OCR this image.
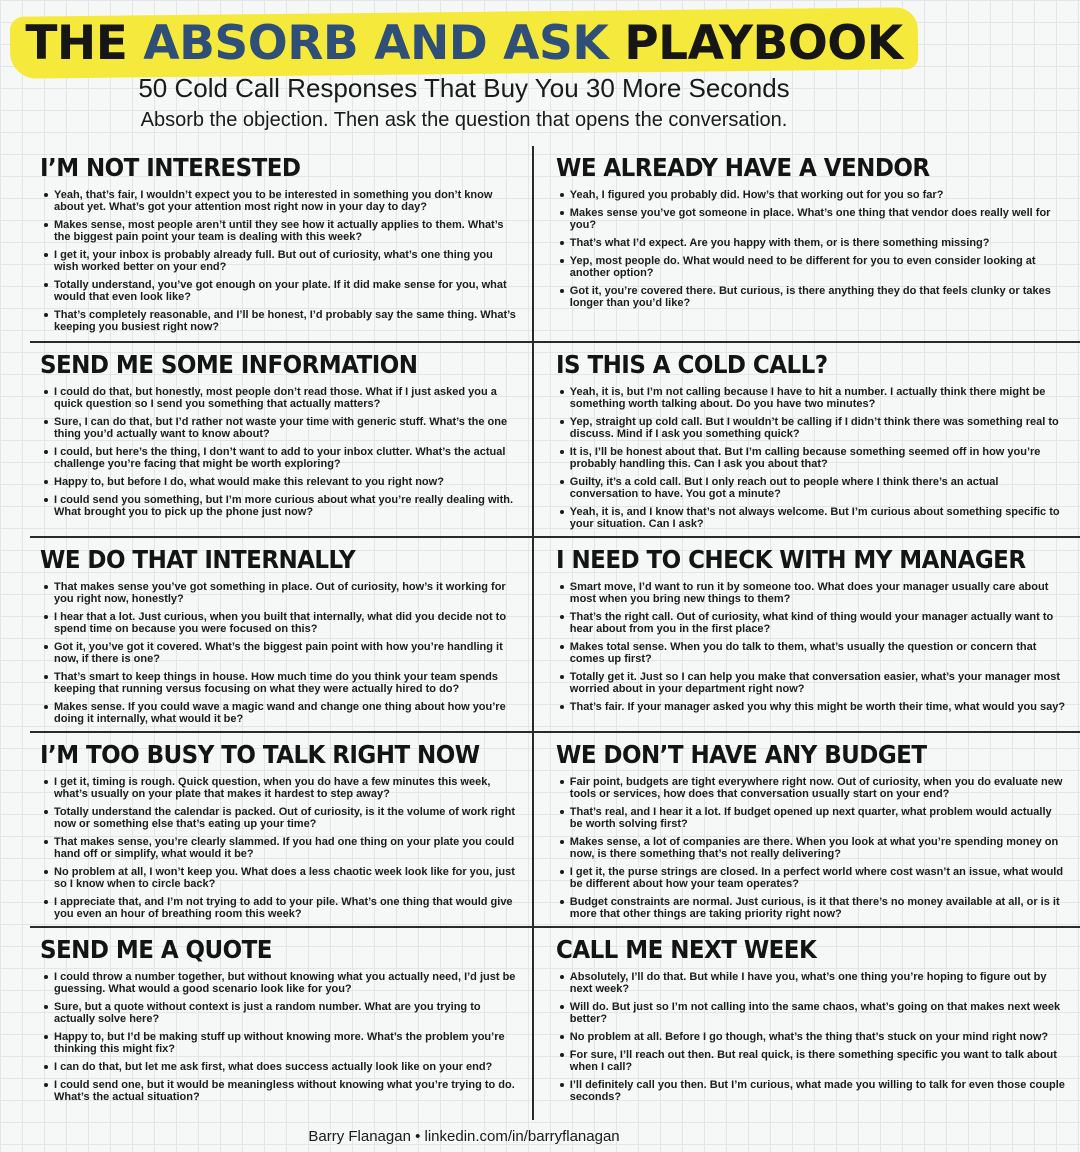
THE ABSORB AND ASK PLAYBOOK
50 Cold Call Responses That Buy You 30 More Seconds
Absorb the objection. Then ask the question that opens the conversation.
I’M NOT INTERESTED
Yeah, that’s fair, I wouldn’t expect you to be interested in something you don’t know about yet. What’s got your attention most right now in your day to day?
Makes sense, most people aren’t until they see how it actually applies to them. What’s the biggest pain point your team is dealing with this week?
I get it, your inbox is probably already full. But out of curiosity, what’s one thing you wish worked better on your end?
Totally understand, you’ve got enough on your plate. If it did make sense for you, what would that even look like?
That’s completely reasonable, and I’ll be honest, I’d probably say the same thing. What’s keeping you busiest right now?
WE ALREADY HAVE A VENDOR
Yeah, I figured you probably did. How’s that working out for you so far?
Makes sense you’ve got someone in place. What’s one thing that vendor does really well for you?
That’s what I’d expect. Are you happy with them, or is there something missing?
Yep, most people do. What would need to be different for you to even consider looking at another option?
Got it, you’re covered there. But curious, is there anything they do that feels clunky or takes longer than you’d like?
SEND ME SOME INFORMATION
I could do that, but honestly, most people don’t read those. What if I just asked you a quick question so I send you something that actually matters?
Sure, I can do that, but I’d rather not waste your time with generic stuff. What’s the one thing you’d actually want to know about?
I could, but here’s the thing, I don’t want to add to your inbox clutter. What’s the actual challenge you’re facing that might be worth exploring?
Happy to, but before I do, what would make this relevant to you right now?
I could send you something, but I’m more curious about what you’re really dealing with. What brought you to pick up the phone just now?
IS THIS A COLD CALL?
Yeah, it is, but I’m not calling because I have to hit a number. I actually think there might be something worth talking about. Do you have two minutes?
Yep, straight up cold call. But I wouldn’t be calling if I didn’t think there was something real to discuss. Mind if I ask you something quick?
It is, I’ll be honest about that. But I’m calling because something seemed off in how you’re probably handling this. Can I ask you about that?
Guilty, it’s a cold call. But I only reach out to people where I think there’s an actual conversation to have. You got a minute?
Yeah, it is, and I know that’s not always welcome. But I’m curious about something specific to your situation. Can I ask?
WE DO THAT INTERNALLY
That makes sense you’ve got something in place. Out of curiosity, how’s it working for you right now, honestly?
I hear that a lot. Just curious, when you built that internally, what did you decide not to spend time on because you were focused on this?
Got it, you’ve got it covered. What’s the biggest pain point with how you’re handling it now, if there is one?
That’s smart to keep things in house. How much time do you think your team spends keeping that running versus focusing on what they were actually hired to do?
Makes sense. If you could wave a magic wand and change one thing about how you’re doing it internally, what would it be?
I NEED TO CHECK WITH MY MANAGER
Smart move, I’d want to run it by someone too. What does your manager usually care about most when you bring new things to them?
That’s the right call. Out of curiosity, what kind of thing would your manager actually want to hear about from you in the first place?
Makes total sense. When you do talk to them, what’s usually the question or concern that comes up first?
Totally get it. Just so I can help you make that conversation easier, what’s your manager most worried about in your department right now?
That’s fair. If your manager asked you why this might be worth their time, what would you say?
I’M TOO BUSY TO TALK RIGHT NOW
I get it, timing is rough. Quick question, when you do have a few minutes this week, what’s usually on your plate that makes it hardest to step away?
Totally understand the calendar is packed. Out of curiosity, is it the volume of work right now or something else that’s eating up your time?
That makes sense, you’re clearly slammed. If you had one thing on your plate you could hand off or simplify, what would it be?
No problem at all, I won’t keep you. What does a less chaotic week look like for you, just so I know when to circle back?
I appreciate that, and I’m not trying to add to your pile. What’s one thing that would give you even an hour of breathing room this week?
WE DON’T HAVE ANY BUDGET
Fair point, budgets are tight everywhere right now. Out of curiosity, when you do evaluate new tools or services, how does that conversation usually start on your end?
That’s real, and I hear it a lot. If budget opened up next quarter, what problem would actually be worth solving first?
Makes sense, a lot of companies are there. When you look at what you’re spending money on now, is there something that’s not really delivering?
I get it, the purse strings are closed. In a perfect world where cost wasn’t an issue, what would be different about how your team operates?
Budget constraints are normal. Just curious, is it that there’s no money available at all, or is it more that other things are taking priority right now?
SEND ME A QUOTE
I could throw a number together, but without knowing what you actually need, I’d just be guessing. What would a good scenario look like for you?
Sure, but a quote without context is just a random number. What are you trying to actually solve here?
Happy to, but I’d be making stuff up without knowing more. What’s the problem you’re thinking this might fix?
I can do that, but let me ask first, what does success actually look like on your end?
I could send one, but it would be meaningless without knowing what you’re trying to do. What’s the actual situation?
CALL ME NEXT WEEK
Absolutely, I’ll do that. But while I have you, what’s one thing you’re hoping to figure out by next week?
Will do. But just so I’m not calling into the same chaos, what’s going on that makes next week better?
No problem at all. Before I go though, what’s the thing that’s stuck on your mind right now?
For sure, I’ll reach out then. But real quick, is there something specific you want to talk about when I call?
I’ll definitely call you then. But I’m curious, what made you willing to talk for even those couple seconds?
Barry Flanagan • linkedin.com/in/barryflanagan
